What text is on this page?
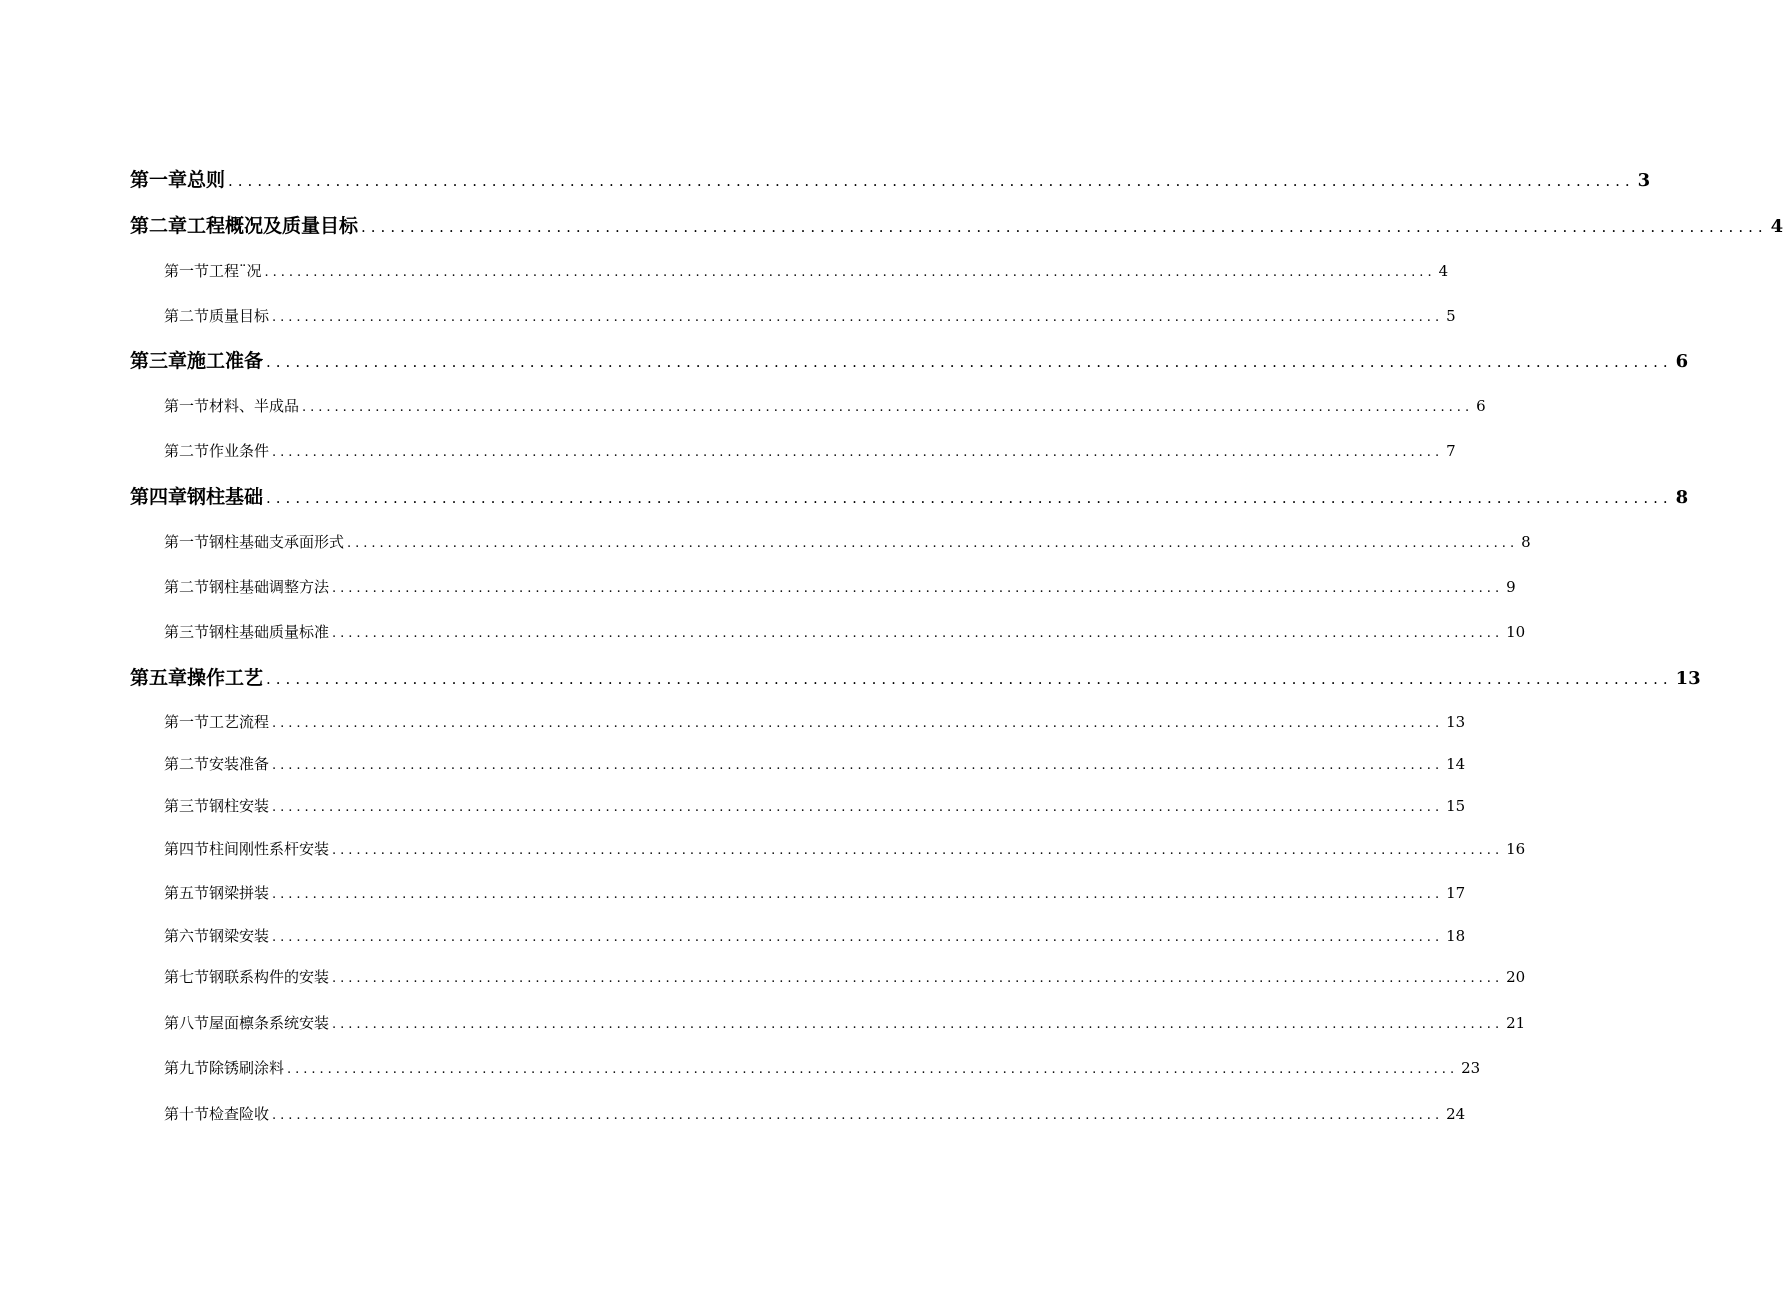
第一章总则 ................................................................................................................................................ 3
第二章工程概况及质量目标 ................................................................................................................................................ 4
第一节工程¨况 ................................................................................................................................................ 4
第二节质量目标 ................................................................................................................................................ 5
第三章施工准备 ................................................................................................................................................ 6
第一节材料、半成品 ................................................................................................................................................ 6
第二节作业条件 ................................................................................................................................................ 7
第四章钢柱基础 ................................................................................................................................................ 8
第一节钢柱基础支承面形式 ................................................................................................................................................ 8
第二节钢柱基础调整方法 ................................................................................................................................................ 9
第三节钢柱基础质量标准 ................................................................................................................................................ 10
第五章操作工艺 ................................................................................................................................................ 13
第一节工艺流程 ................................................................................................................................................ 13
第二节安装准备 ................................................................................................................................................ 14
第三节钢柱安装 ................................................................................................................................................ 15
第四节柱间刚性系杆安装 ................................................................................................................................................ 16
第五节钢梁拼装 ................................................................................................................................................ 17
第六节钢梁安装 ................................................................................................................................................ 18
第七节钢联系构件的安装 ................................................................................................................................................ 20
第八节屋面檩条系统安装 ................................................................................................................................................ 21
第九节除锈刷涂料 ................................................................................................................................................ 23
第十节检查险收 ................................................................................................................................................ 24
